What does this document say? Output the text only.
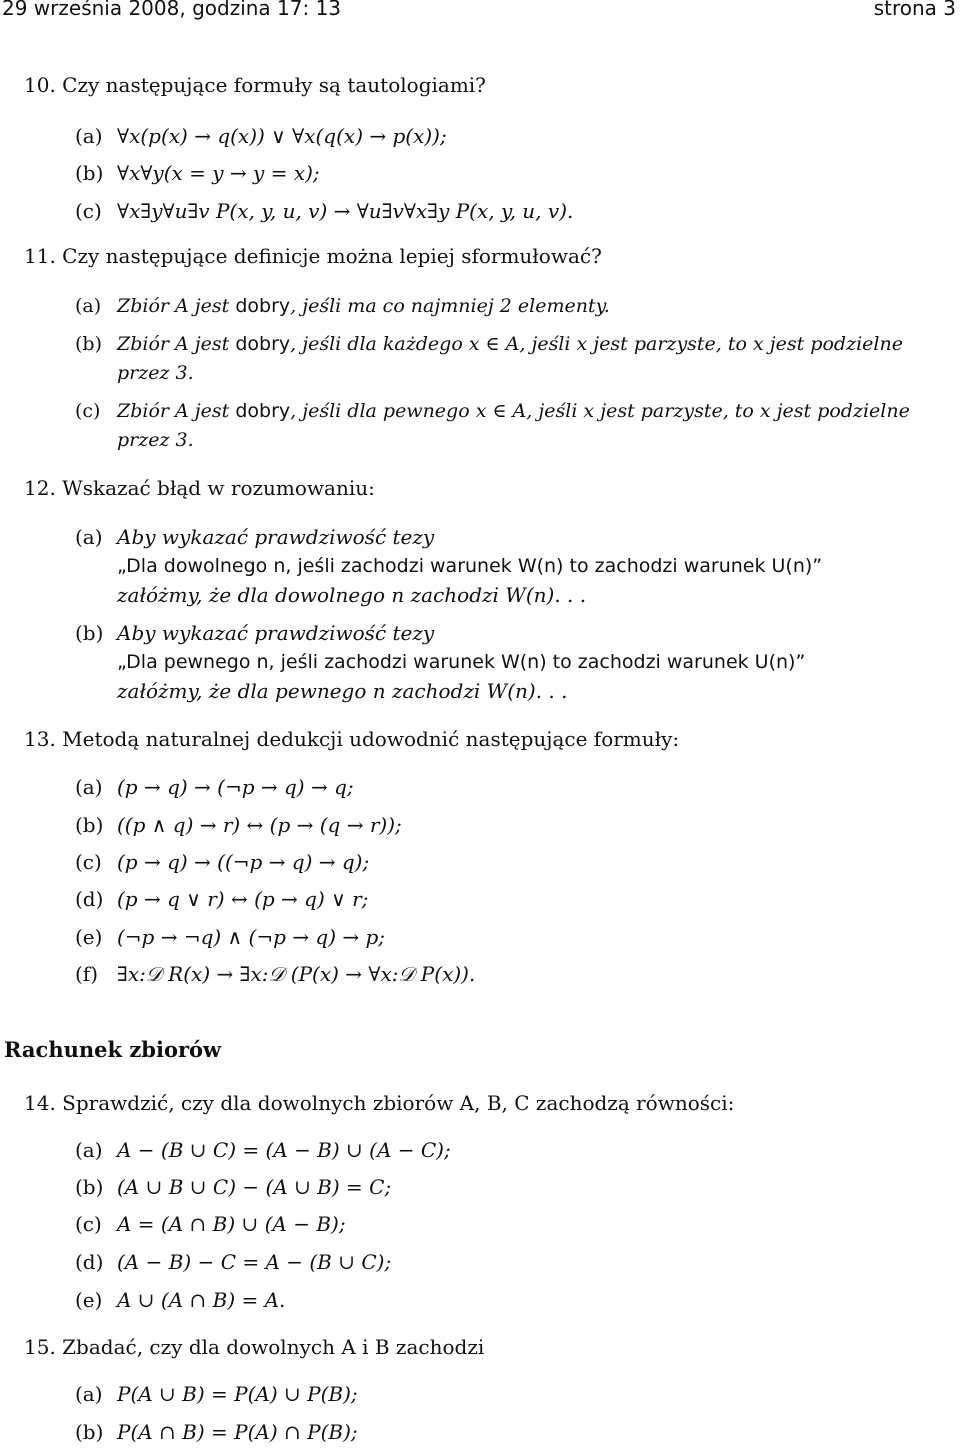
29 września 2008, godzina 17: 13	strona 3
10. Czy następujące formuły są tautologiami?
(a) ∀x(p(x) → q(x)) ∨ ∀x(q(x) → p(x));
(b) ∀x∀y(x = y → y = x);
(c) ∀x∃y∀u∃v P(x, y, u, v) → ∀u∃v∀x∃y P(x, y, u, v).
11. Czy następujące definicje można lepiej sformułować?
(a) Zbiór A jest dobry, jeśli ma co najmniej 2 elementy.
(b) Zbiór A jest dobry, jeśli dla każdego x ∈ A, jeśli x jest parzyste, to x jest podzielne
przez 3.
(c) Zbiór A jest dobry, jeśli dla pewnego x ∈ A, jeśli x jest parzyste, to x jest podzielne
przez 3.
12. Wskazać błąd w rozumowaniu:
(a) Aby wykazać prawdziwość tezy
„Dla dowolnego n, jeśli zachodzi warunek W(n) to zachodzi warunek U(n)”
załóżmy, że dla dowolnego n zachodzi W(n). . .
(b) Aby wykazać prawdziwość tezy
„Dla pewnego n, jeśli zachodzi warunek W(n) to zachodzi warunek U(n)”
załóżmy, że dla pewnego n zachodzi W(n). . .
13. Metodą naturalnej dedukcji udowodnić następujące formuły:
(a) (p → q) → (¬p → q) → q;
(b) ((p ∧ q) → r) ↔ (p → (q → r));
(c) (p → q) → ((¬p → q) → q);
(d) (p → q ∨ r) ↔ (p → q) ∨ r;
(e) (¬p → ¬q) ∧ (¬p → q) → p;
(f) ∃x:𝒟 R(x) → ∃x:𝒟 (P(x) → ∀x:𝒟 P(x)).
Rachunek zbiorów
14. Sprawdzić, czy dla dowolnych zbiorów A, B, C zachodzą równości:
(a) A − (B ∪ C) = (A − B) ∪ (A − C);
(b) (A ∪ B ∪ C) − (A ∪ B) = C;
(c) A = (A ∩ B) ∪ (A − B);
(d) (A − B) − C = A − (B ∪ C);
(e) A ∪ (A ∩ B) = A.
15. Zbadać, czy dla dowolnych A i B zachodzi
(a) P(A ∪ B) = P(A) ∪ P(B);
(b) P(A ∩ B) = P(A) ∩ P(B);
